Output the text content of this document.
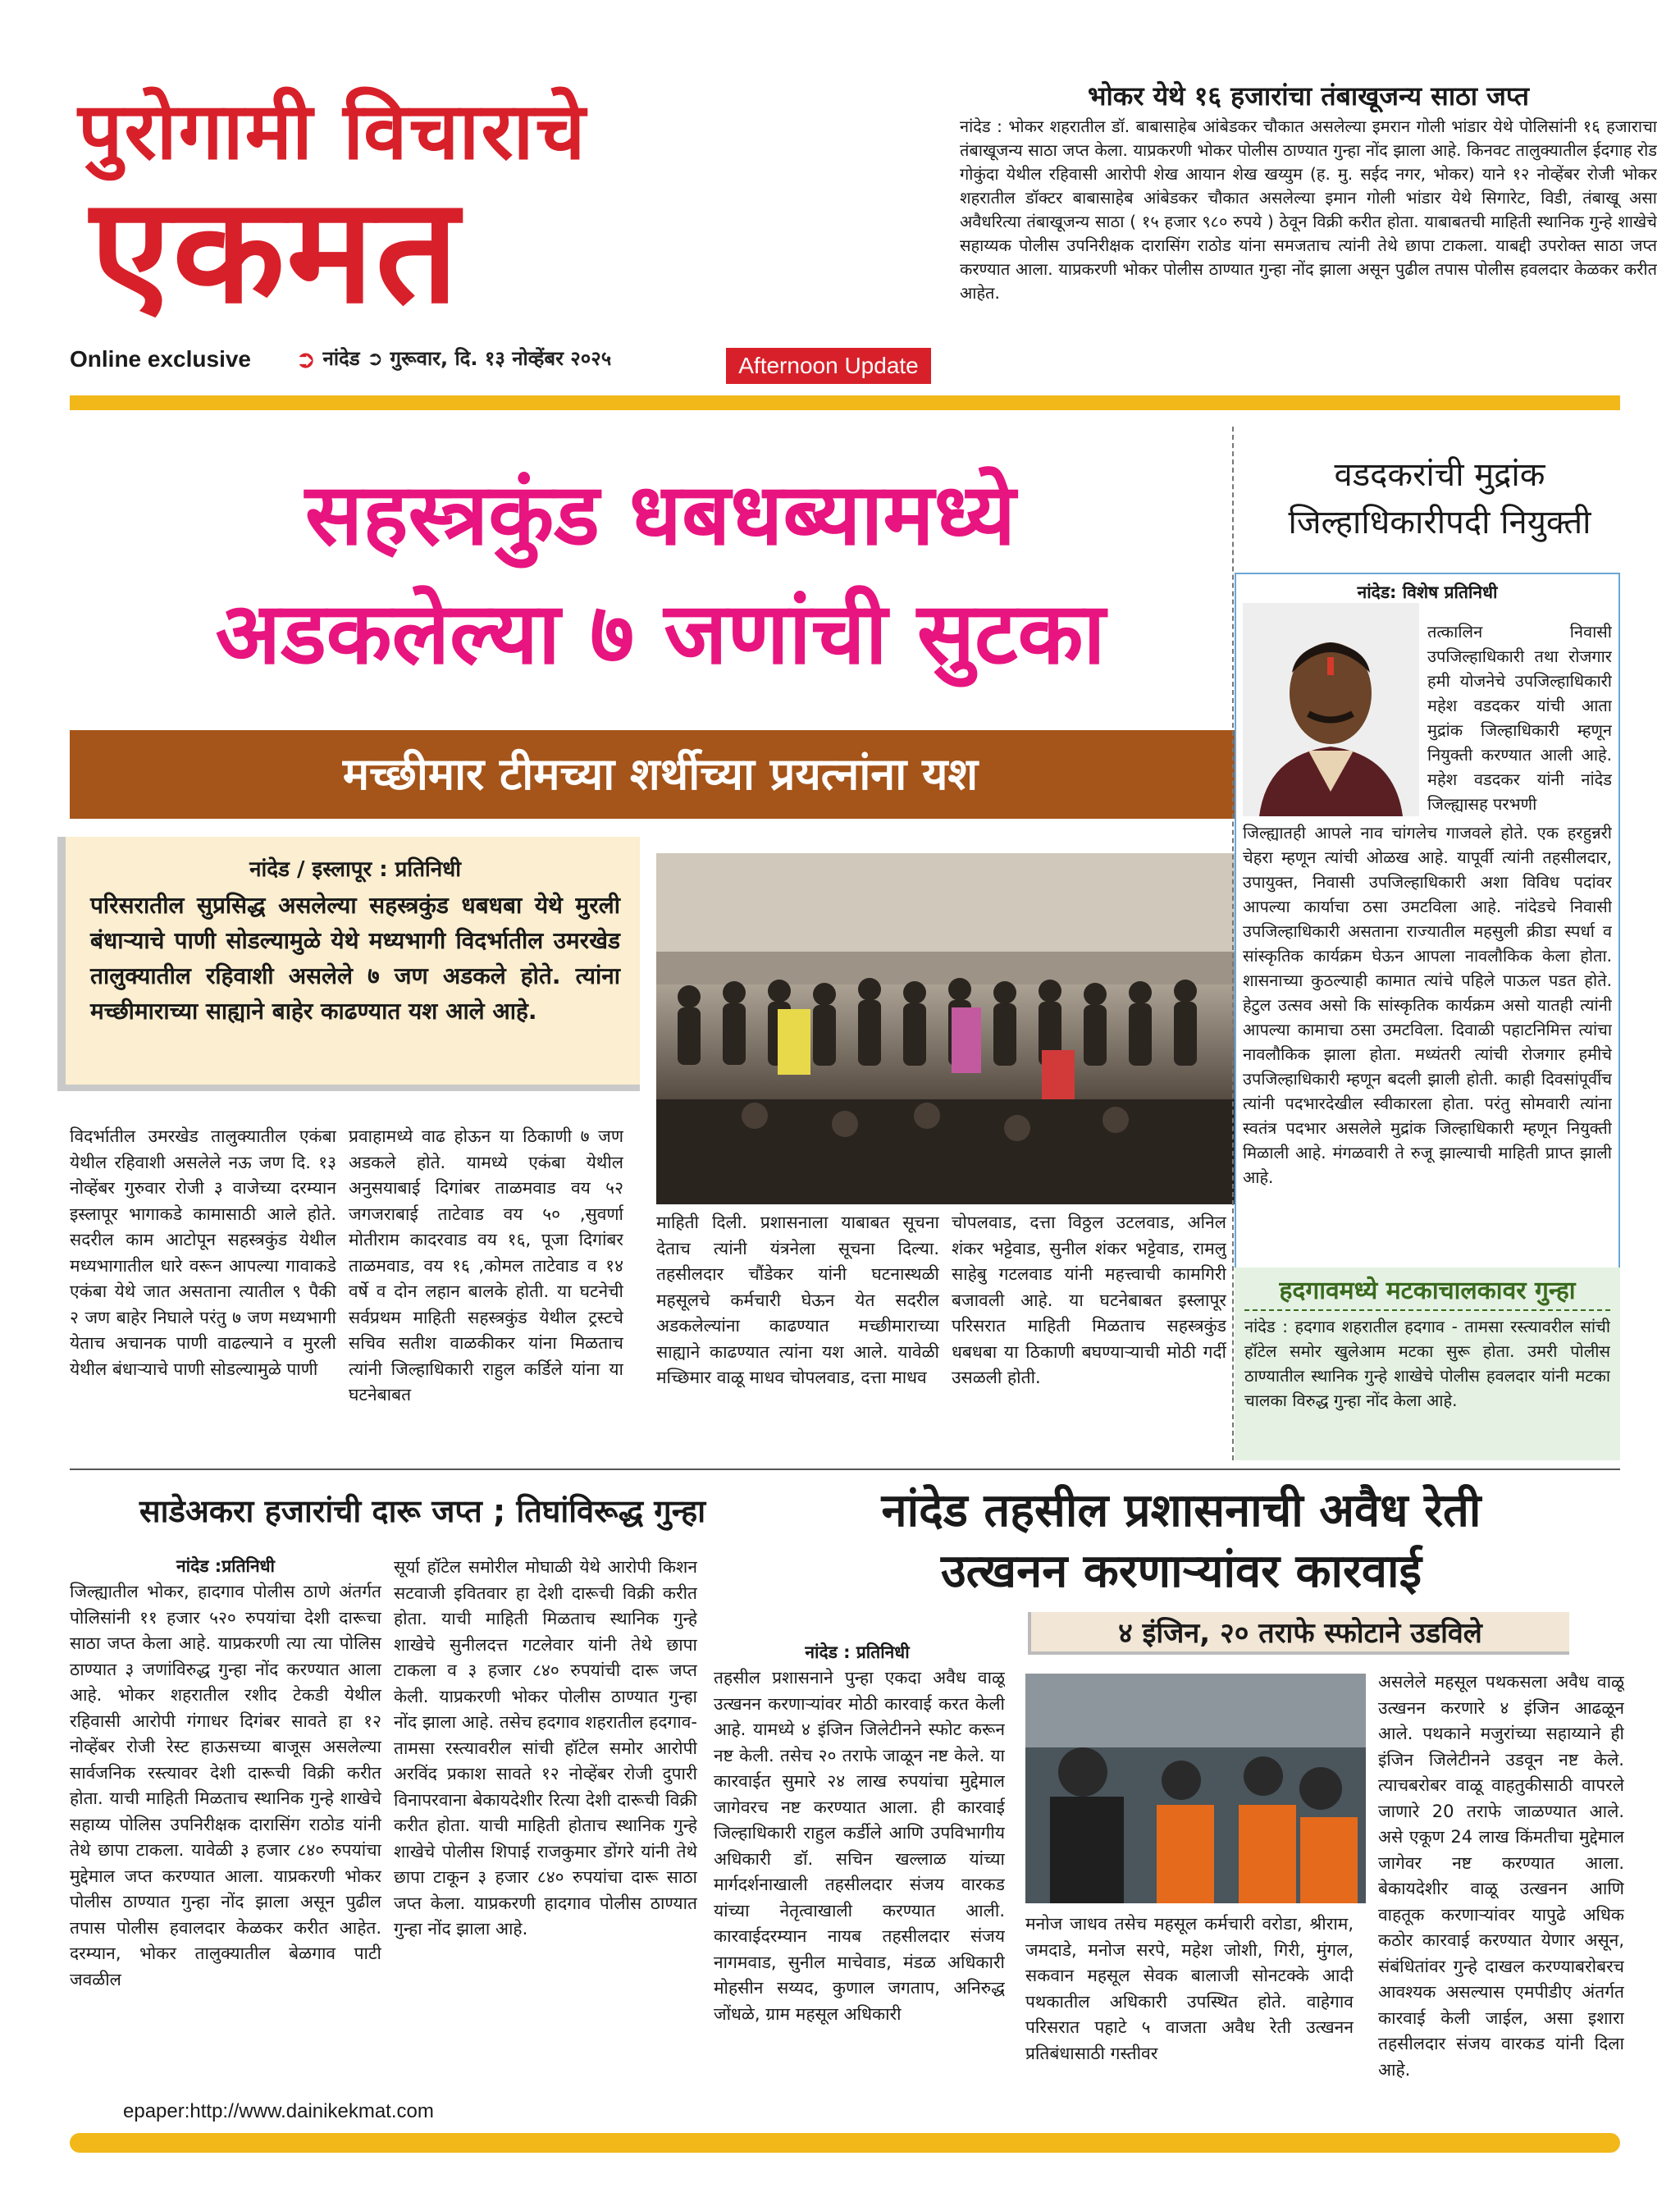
पुरोगामी विचाराचे
एकमत
Online exclusive ➲ नांदेड ➲ गुरूवार, दि. १३ नोव्हेंबर २०२५	Afternoon Update
भोकर येथे १६ हजारांचा तंबाखूजन्य साठा जप्त
नांदेड : भोकर शहरातील डॉ. बाबासाहेब आंबेडकर चौकात असलेल्या इमरान गोली भांडार येथे पोलिसांनी १६ हजाराचा तंबाखूजन्य साठा जप्त केला. याप्रकरणी भोकर पोलीस ठाण्यात गुन्हा नोंद झाला आहे. किनवट तालुक्यातील ईदगाह रोड गोकुंदा येथील रहिवासी आरोपी शेख आयान शेख खय्युम (ह. मु. सईद नगर, भोकर) याने १२ नोव्हेंबर रोजी भोकर शहरातील डॉक्टर बाबासाहेब आंबेडकर चौकात असलेल्या इमान गोली भांडार येथे सिगारेट, विडी, तंबाखू असा अवैधरित्या तंबाखूजन्य साठा ( १५ हजार ९८० रुपये ) ठेवून विक्री करीत होता. याबाबतची माहिती स्थानिक गुन्हे शाखेचे सहाय्यक पोलीस उपनिरीक्षक दारासिंग राठोड यांना समजताच त्यांनी तेथे छापा टाकला. याबद्दी उपरोक्त साठा जप्त करण्यात आला. याप्रकरणी भोकर पोलीस ठाण्यात गुन्हा नोंद झाला असून पुढील तपास पोलीस हवलदार केळकर करीत आहेत.
सहस्त्रकुंड धबधब्यामध्ये
अडकलेल्या ७ जणांची सुटका
मच्छीमार टीमच्या शर्थीच्या प्रयत्नांना यश
नांदेड / इस्लापूर : प्रतिनिधी
परिसरातील सुप्रसिद्ध असलेल्या सहस्त्रकुंड धबधबा येथे मुरली बंधाऱ्याचे पाणी सोडल्यामुळे येथे मध्यभागी विदर्भातील उमरखेड तालुक्यातील रहिवाशी असलेले ७ जण अडकले होते. त्यांना मच्छीमाराच्या साह्याने बाहेर काढण्यात यश आले आहे.
विदर्भातील उमरखेड तालुक्यातील एकंबा येथील रहिवाशी असलेले नऊ जण दि. १३ नोव्हेंबर गुरुवार रोजी ३ वाजेच्या दरम्यान इस्लापूर भागाकडे कामासाठी आले होते. सदरील काम आटोपून सहस्त्रकुंड येथील मध्यभागातील धारे वरून आपल्या गावाकडे एकंबा येथे जात असताना त्यातील ९ पैकी २ जण बाहेर निघाले परंतु ७ जण मध्यभागी येताच अचानक पाणी वाढल्याने व मुरली येथील बंधाऱ्याचे पाणी सोडल्यामुळे पाणी
प्रवाहामध्ये वाढ होऊन या ठिकाणी ७ जण अडकले होते. यामध्ये एकंबा येथील अनुसयाबाई दिगांबर ताळमवाड वय ५२ जगजराबाई ताटेवाड वय ५० ,सुवर्णा मोतीराम कादरवाड वय १६, पूजा दिगांबर ताळमवाड, वय १६ ,कोमल ताटेवाड व १४ वर्षे व दोन लहान बालके होती. या घटनेची सर्वप्रथम माहिती सहस्त्रकुंड येथील ट्रस्टचे सचिव सतीश वाळकीकर यांना मिळताच त्यांनी जिल्हाधिकारी राहुल कर्डिले यांना या घटनेबाबत
माहिती दिली. प्रशासनाला याबाबत सूचना देताच त्यांनी यंत्रनेला सूचना दिल्या. तहसीलदार चौंडेकर यांनी घटनास्थळी महसूलचे कर्मचारी घेऊन येत सदरील अडकलेल्यांना काढण्यात मच्छीमाराच्या साह्याने काढण्यात त्यांना यश आले. यावेळी मच्छिमार वाळू माधव चोपलवाड, दत्ता माधव
चोपलवाड, दत्ता विठ्ठल उटलवाड, अनिल शंकर भट्टेवाड, सुनील शंकर भट्टेवाड, रामलु साहेबु गटलवाड यांनी महत्त्वाची कामगिरी बजावली आहे. या घटनेबाबत इस्लापूर परिसरात माहिती मिळताच सहस्त्रकुंड धबधबा या ठिकाणी बघण्याऱ्याची मोठी गर्दी उसळली होती.
वडदकरांची मुद्रांक
जिल्हाधिकारीपदी नियुक्ती
नांदेड: विशेष प्रतिनिधी
तत्कालिन निवासी उपजिल्हाधिकारी तथा रोजगार हमी योजनेचे उपजिल्हाधिकारी महेश वडदकर यांची आता मुद्रांक जिल्हाधिकारी म्हणून नियुक्ती करण्यात आली आहे. महेश वडदकर यांनी नांदेड जिल्ह्यासह परभणी
जिल्ह्यातही आपले नाव चांगलेच गाजवले होते. एक हरहुन्नरी चेहरा म्हणून त्यांची ओळख आहे. यापूर्वी त्यांनी तहसीलदार, उपायुक्त, निवासी उपजिल्हाधिकारी अशा विविध पदांवर आपल्या कार्याचा ठसा उमटविला आहे. नांदेडचे निवासी उपजिल्हाधिकारी असताना राज्यातील महसुली क्रीडा स्पर्धा व सांस्कृतिक कार्यक्रम घेऊन आपला नावलौकिक केला होता. शासनाच्या कुठल्याही कामात त्यांचे पहिले पाऊल पडत होते. हेटुल उत्सव असो कि सांस्कृतिक कार्यक्रम असो यातही त्यांनी आपल्या कामाचा ठसा उमटविला. दिवाळी पहाटनिमित्त त्यांचा नावलौकिक झाला होता. मध्यंतरी त्यांची रोजगार हमीचे उपजिल्हाधिकारी म्हणून बदली झाली होती. काही दिवसांपूर्वीच त्यांनी पदभारदेखील स्वीकारला होता. परंतु सोमवारी त्यांना स्वतंत्र पदभार असलेले मुद्रांक जिल्हाधिकारी म्हणून नियुक्ती मिळाली आहे. मंगळवारी ते रुजू झाल्याची माहिती प्राप्त झाली आहे.
हदगावमध्ये मटकाचालकावर गुन्हा
नांदेड : हदगाव शहरातील हदगाव - तामसा रस्त्यावरील सांची हॉटेल समोर खुलेआम मटका सुरू होता. उमरी पोलीस ठाण्यातील स्थानिक गुन्हे शाखेचे पोलीस हवलदार यांनी मटका चालका विरुद्ध गुन्हा नोंद केला आहे.
साडेअकरा हजारांची दारू जप्त ; तिघांविरूद्ध गुन्हा
नांदेड :प्रतिनिधी
जिल्ह्यातील भोकर, हादगाव पोलीस ठाणे अंतर्गत पोलिसांनी ११ हजार ५२० रुपयांचा देशी दारूचा साठा जप्त केला आहे. याप्रकरणी त्या त्या पोलिस ठाण्यात ३ जणांविरुद्ध गुन्हा नोंद करण्यात आला आहे. भोकर शहरातील रशीद टेकडी येथील रहिवासी आरोपी गंगाधर दिगंबर सावते हा १२ नोव्हेंबर रोजी रेस्ट हाऊसच्या बाजूस असलेल्या सार्वजनिक रस्त्यावर देशी दारूची विक्री करीत होता. याची माहिती मिळताच स्थानिक गुन्हे शाखेचे सहाय्य पोलिस उपनिरीक्षक दारासिंग राठोड यांनी तेथे छापा टाकला. यावेळी ३ हजार ८४० रुपयांचा मुद्देमाल जप्त करण्यात आला. याप्रकरणी भोकर पोलीस ठाण्यात गुन्हा नोंद झाला असून पुढील तपास पोलीस हवालदार केळकर करीत आहेत. दरम्यान, भोकर तालुक्यातील बेळगाव पाटी जवळील
सूर्या हॉटेल समोरील मोघाळी येथे आरोपी किशन सटवाजी इवितवार हा देशी दारूची विक्री करीत होता. याची माहिती मिळताच स्थानिक गुन्हे शाखेचे सुनीलदत्त गटलेवार यांनी तेथे छापा टाकला व ३ हजार ८४० रुपयांची दारू जप्त केली. याप्रकरणी भोकर पोलीस ठाण्यात गुन्हा नोंद झाला आहे. तसेच हदगाव शहरातील हदगाव-तामसा रस्त्यावरील सांची हॉटेल समोर आरोपी अरविंद प्रकाश सावते १२ नोव्हेंबर रोजी दुपारी विनापरवाना बेकायदेशीर रित्या देशी दारूची विक्री करीत होता. याची माहिती होताच स्थानिक गुन्हे शाखेचे पोलीस शिपाई राजकुमार डोंगरे यांनी तेथे छापा टाकून ३ हजार ८४० रुपयांचा दारू साठा जप्त केला. याप्रकरणी हादगाव पोलीस ठाण्यात गुन्हा नोंद झाला आहे.
नांदेड तहसील प्रशासनाची अवैध रेती
उत्खनन करणाऱ्यांवर कारवाई
४ इंजिन, २० तराफे स्फोटाने उडविले
नांदेड : प्रतिनिधी
तहसील प्रशासनाने पुन्हा एकदा अवैध वाळू उत्खनन करणाऱ्यांवर मोठी कारवाई करत केली आहे. यामध्ये ४ इंजिन जिलेटीनने स्फोट करून नष्ट केली. तसेच २० तराफे जाळून नष्ट केले. या कारवाईत सुमारे २४ लाख रुपयांचा मुद्देमाल जागेवरच नष्ट करण्यात आला. ही कारवाई जिल्हाधिकारी राहुल कर्डीले आणि उपविभागीय अधिकारी डॉ. सचिन खल्लाळ यांच्या मार्गदर्शनाखाली तहसीलदार संजय वारकड यांच्या नेतृत्वाखाली करण्यात आली. कारवाईदरम्यान नायब तहसीलदार संजय नागमवाड, सुनील माचेवाड, मंडळ अधिकारी मोहसीन सय्यद, कुणाल जगताप, अनिरुद्ध जोंधळे, ग्राम महसूल अधिकारी
मनोज जाधव तसेच महसूल कर्मचारी वरोडा, श्रीराम, जमदाडे, मनोज सरपे, महेश जोशी, गिरी, मुंगल, सकवान महसूल सेवक बालाजी सोनटक्के आदी पथकातील अधिकारी उपस्थित होते. वाहेगाव परिसरात पहाटे ५ वाजता अवैध रेती उत्खनन प्रतिबंधासाठी गस्तीवर
असलेले महसूल पथकसला अवैध वाळू उत्खनन करणारे ४ इंजिन आढळून आले. पथकाने मजुरांच्या सहाय्याने ही इंजिन जिलेटीनने उडवून नष्ट केले. त्याचबरोबर वाळू वाहतुकीसाठी वापरले जाणारे 20 तराफे जाळण्यात आले. असे एकूण 24 लाख किंमतीचा मुद्देमाल जागेवर नष्ट करण्यात आला. बेकायदेशीर वाळू उत्खनन आणि वाहतूक करणाऱ्यांवर यापुढे अधिक कठोर कारवाई करण्यात येणार असून, संबंधितांवर गुन्हे दाखल करण्याबरोबरच आवश्यक असल्यास एमपीडीए अंतर्गत कारवाई केली जाईल, असा इशारा तहसीलदार संजय वारकड यांनी दिला आहे.
epaper:http://www.dainikekmat.com
